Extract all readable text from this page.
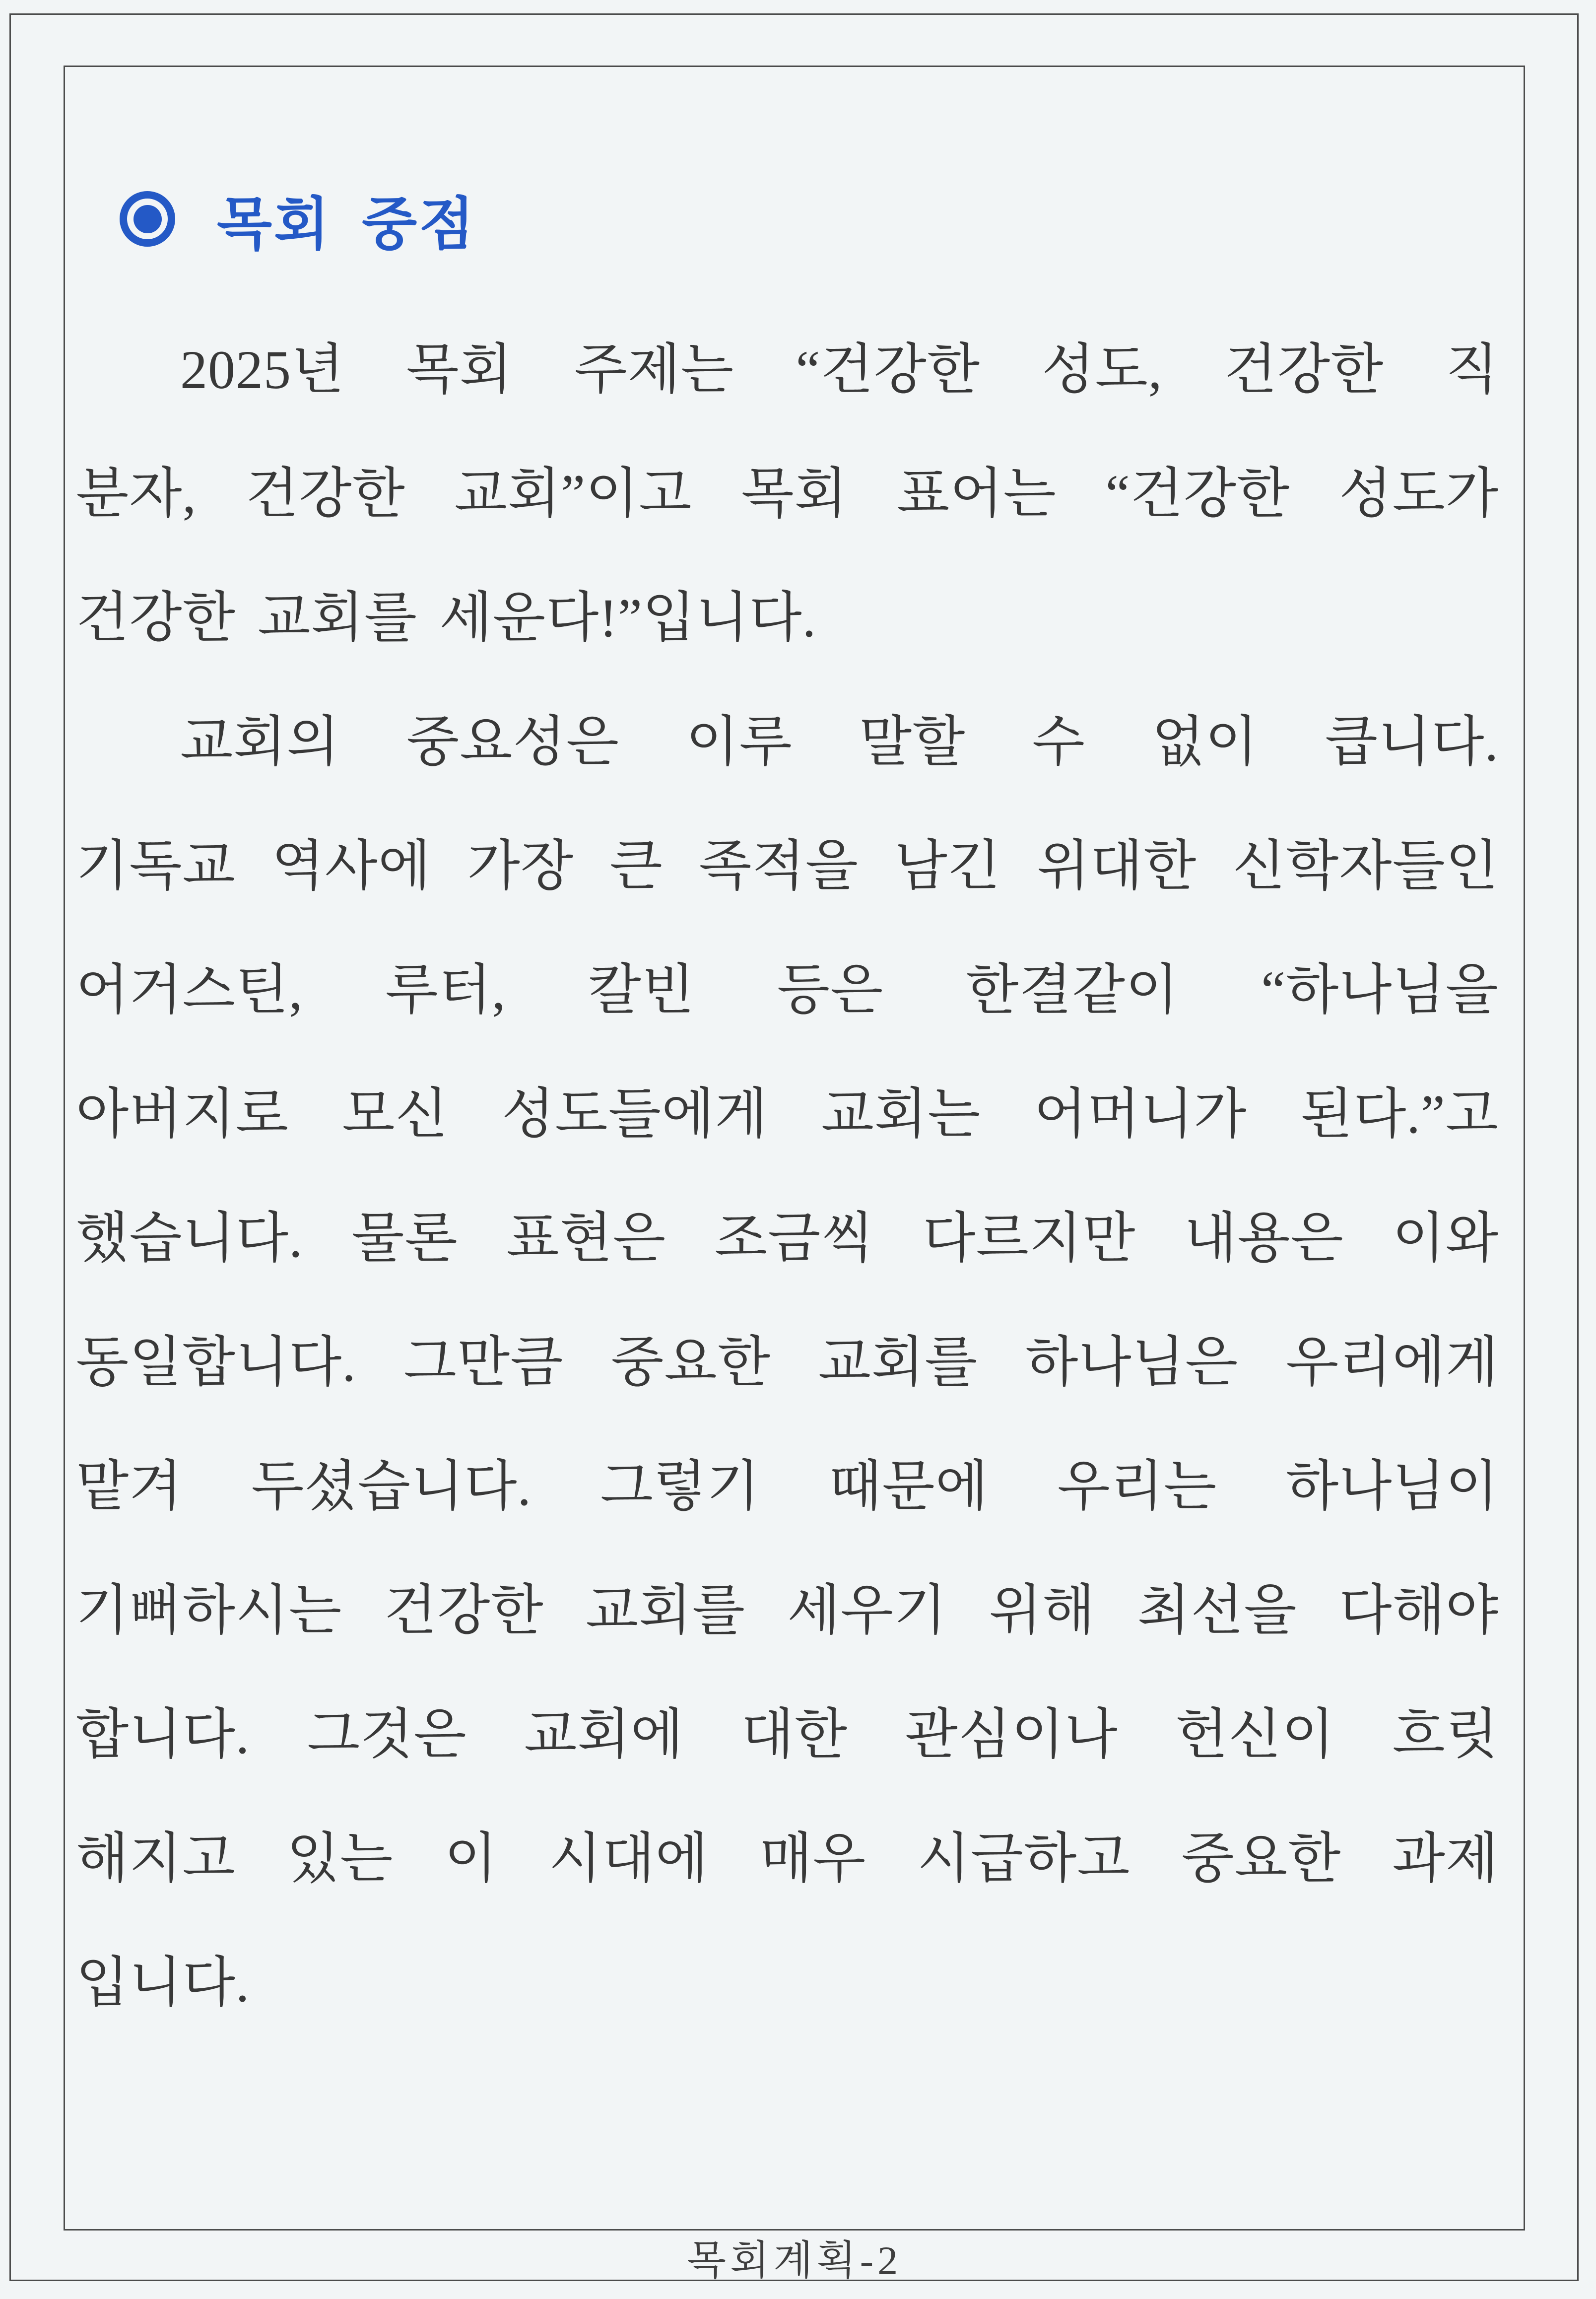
목회 중점
2025년 목회 주제는 “건강한 성도, 건강한 직
분자, 건강한 교회”이고 목회 표어는 “건강한 성도가
건강한 교회를 세운다!”입니다.
교회의 중요성은 이루 말할 수 없이 큽니다.
기독교 역사에 가장 큰 족적을 남긴 위대한 신학자들인
어거스틴, 루터, 칼빈 등은 한결같이 “하나님을
아버지로 모신 성도들에게 교회는 어머니가 된다.”고
했습니다. 물론 표현은 조금씩 다르지만 내용은 이와
동일합니다. 그만큼 중요한 교회를 하나님은 우리에게
맡겨 두셨습니다. 그렇기 때문에 우리는 하나님이
기뻐하시는 건강한 교회를 세우기 위해 최선을 다해야
합니다. 그것은 교회에 대한 관심이나 헌신이 흐릿
해지고 있는 이 시대에 매우 시급하고 중요한 과제
입니다.
목회계획-2
